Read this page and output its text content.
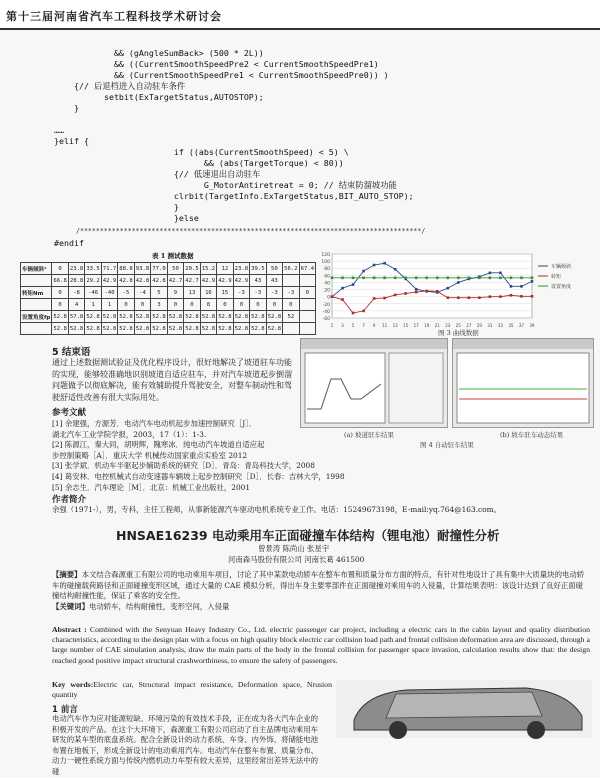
第十三届河南省汽车工程科技学术研讨会
&& (gAngleSumBack> (500 * 2L))
&& ((CurrentSmoothSpeedPre2 < CurrentSmoothSpeedPre1)
&& (CurrentSmoothSpeedPre1 < CurrentSmoothSpeedPre0)) )
{// 后退档进入自动驻车条件
setbit(ExTargetStatus,AUTOSTOP);
}

……
}elif {
if ((abs(CurrentSmoothSpeed) < 5) \
&& (abs(TargetTorque) < 80))
{// 低速退出自动驻车
G_MotorAntiretreat = 0; // 结束防溜坡功能
clrbit(TargetInfo.ExTargetStatus,BIT_AUTO_STOP);
}
}else
/**************************************************************************************/
#endif
表 1 测试数据
车辆倾斜°	0	23.8	33.5	71.7	88.8	93.8	77.0	50	20.5	15.2	12	23.8	39.5	50	56.2	67.4
	66.8	28.8	29.2	42.9	42.8	42.8	42.8	42.7	42.7	42.9	42.9	42.9	43	43		
转矩Nm	0	-8	-46	-40	-5	-4	5	9	13	16	15	-3	-3	-3	-3	0
	0	4	1	1	0	0	3	0	0	8	0	0	0	0	0	
设置角度fp	52.8	57.8	52.8	52.8	52.8	52.8	52.8	52.8	52.8	52.8	52.8	52.8	52.8	52.8	52	
	52.8	52.8	52.8	52.8	52.8	52.8	52.8	52.8	52.8	52.8	52.8	52.8	52.8	52.8		
-60
-40
-20
0
20
40
60
80
100
120
1 3 5 7 9 11 13 15 17 19 21 23 25 27 29 31 33 35 37 39
车辆倾斜
转矩
设置角度
图 3 曲线数据
5 结束语
通过上述数据测试验证及优化程序设计，很好地解决了坡道驻车功能的实现，能够较准确地识别坡道自适应驻车，并对汽车坡道起步倒溜问题做予以彻底解决，能有效辅助提升驾驶安全，对整车制动性和驾驶舒适性改善有很大实际用处。
参考文献
[1] 余建强，方源芳．电动汽车电动机起步加速控制研究［J］．
湖北汽车工业学院学报，2003，17（1）：1-3.
[2] 陈源江，秦大同，胡明辉，隗寒冰．纯电动汽车坡道自适应起
步控制策略［A］．重庆大学 机械传动国家重点实验室 2012
[3] 张学斌．机动车半驱起步辅助系统的研究［D］．青岛：青岛科技大学，2008
[4] 葛安林．电控机械式自动变速器车辆坡上起步控制研究［D］．长春：吉林大学，1998
[5] 余志生．汽车理论［M］．北京：机械工业出版社，2001
(a) 坡道驻车结果	(b) 坡车驻车动态结果
图 4 自动驻车结果
作者简介
余强（1971-），男，专科，主任工程师，从事新能源汽车驱动电机系统专业工作。电话：15249673198，E-mail:yq.764@163.com。
HNSAE16239 电动乘用车正面碰撞车体结构（锂电池）耐撞性分析
曾景涛 陈尚山 张星宇
河南森马股份有限公司 河南长葛 461500
【摘要】本文结合森源重工有限公司的电动乘用车项目，讨论了其中某款电动轿车在整车布置和质量分布方面的特点，有针对性地设计了具有集中大质量块的电动轿车的碰撞载荷路径和正面碰撞变形区域，通过大量的 CAE 模拟分析，得出车身主要零部件在正面碰撞对乘用车的入侵量，计算结果表明：该设计达到了良好正面碰撞结构耐撞性能，保证了乘客的安全性。
【关键词】电动轿车，结构耐撞性，变形空间，入侵量
Abstract : Combined with the Senyuan Heavy Industry Co., Ltd. electric passenger car project, including a electric cars in the cabin layout and quality distribution characteristics, according to the design plan with a focus on high quality block electric car collision load path and frontal collision deformation area are discussed, through a large number of CAE simulation analysis, draw the main parts of the body in the frontal collision for passenger space invasion, calculation results show that: the design reached good positive impact structural crashworthiness, to ensure the safety of passengers.
Key words:Electric car, Structural impact resistance, Deformation space, Nrusion quantity
1 前言
电动汽车作为应对能源短缺、环境污染的有效技术手段，正在成为各大汽车企业的积极开发的产品。在这个大环境下，森源重工有限公司启动了自主品牌电动乘用车研发的某车型的底盘系统。配合全新设计的动力系统、车身、内外饰、将储能电池布置在地板下，形成全新设计的电动乘用汽车。电动汽车在整车布置、质量分布、动力一硬性系统方面与传统内燃机动力车型有较大差异，这里经常出差异无法中的碰
